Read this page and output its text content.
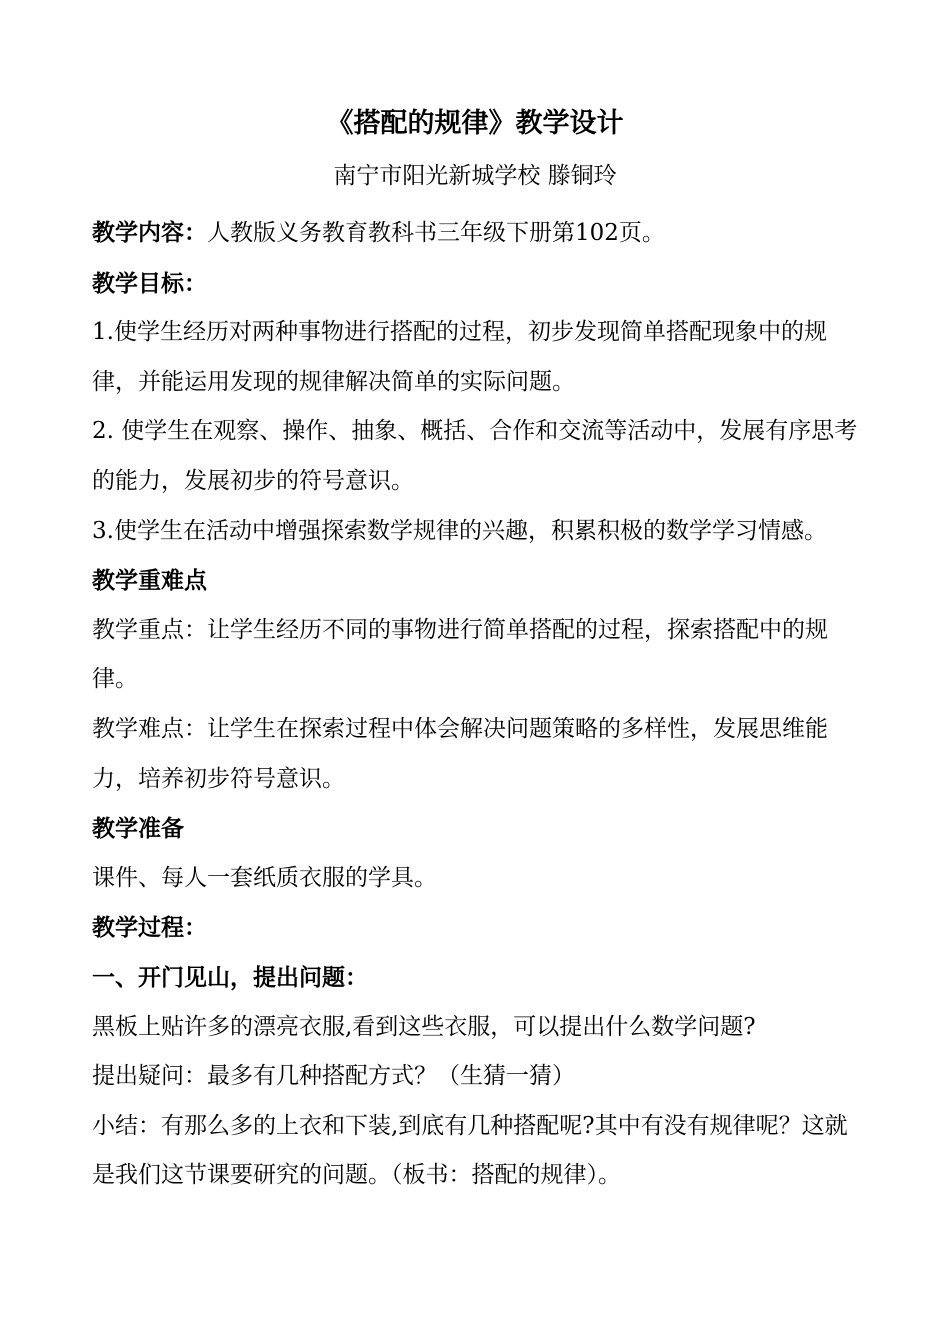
《搭配的规律》教学设计
南宁市阳光新城学校 滕铜玲

教学内容：人教版义务教育教科书三年级下册第102页。

教学目标：

1.使学生经历对两种事物进行搭配的过程，初步发现简单搭配现象中的规律，并能运用发现的规律解决简单的实际问题。

2. 使学生在观察、操作、抽象、概括、合作和交流等活动中，发展有序思考的能力，发展初步的符号意识。

3.使学生在活动中增强探索数学规律的兴趣，积累积极的数学学习情感。

教学重难点

教学重点：让学生经历不同的事物进行简单搭配的过程，探索搭配中的规律。

教学难点：让学生在探索过程中体会解决问题策略的多样性，发展思维能力，培养初步符号意识。

教学准备

课件、每人一套纸质衣服的学具。

教学过程：

一、开门见山，提出问题：

黑板上贴许多的漂亮衣服,看到这些衣服，可以提出什么数学问题?

提出疑问：最多有几种搭配方式？（生猜一猜）

小结：有那么多的上衣和下装,到底有几种搭配呢?其中有没有规律呢？这就是我们这节课要研究的问题。（板书：搭配的规律）。
